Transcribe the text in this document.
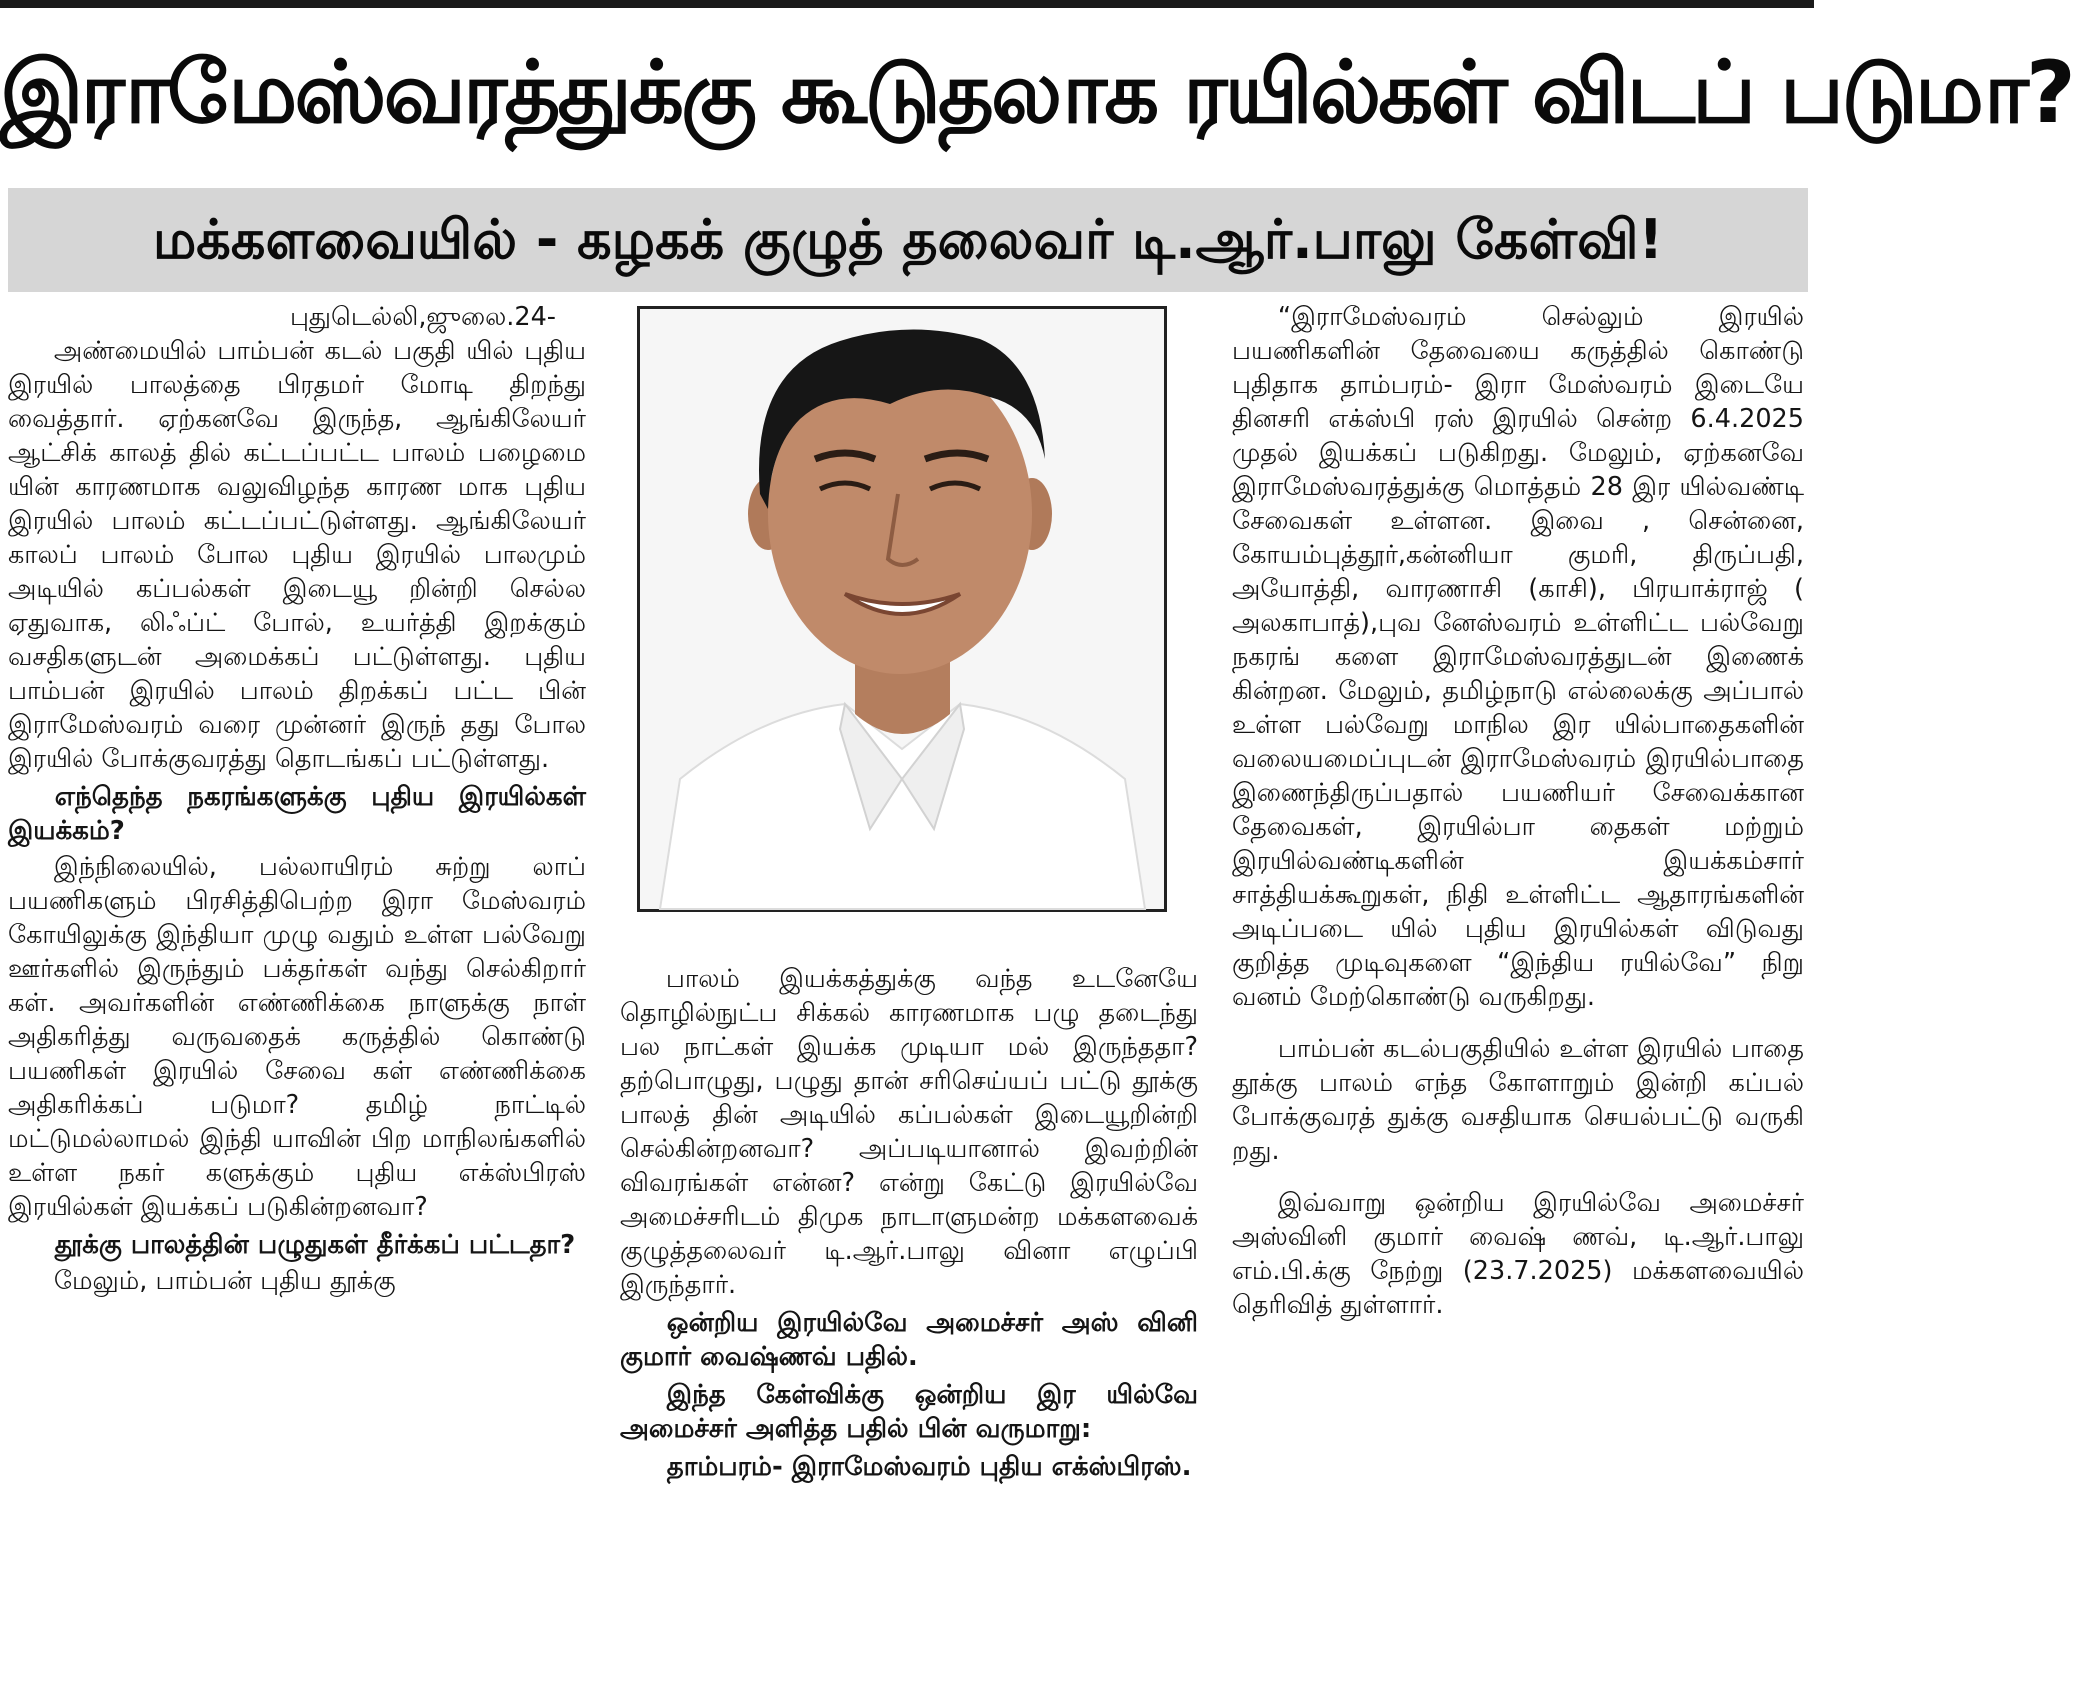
இராமேஸ்வரத்துக்கு கூடுதலாக ரயில்கள் விடப் படுமா?
மக்களவையில் - கழகக் குழுத் தலைவர் டி.ஆர்.பாலு கேள்வி!

புதுடெல்லி,ஜுலை.24-

அண்மையில் பாம்பன் கடல் பகுதி யில் புதிய இரயில் பாலத்தை பிரதமர் மோடி திறந்து வைத்தார். ஏற்கனவே இருந்த, ஆங்கிலேயர் ஆட்சிக் காலத் தில் கட்டப்பட்ட பாலம் பழைமை யின் காரணமாக வலுவிழந்த காரண மாக புதிய இரயில் பாலம் கட்டப்பட்டுள்ளது. ஆங்கிலேயர் காலப் பாலம் போல புதிய இரயில் பாலமும் அடியில் கப்பல்கள் இடையூ றின்றி செல்ல ஏதுவாக, லிஃப்ட் போல், உயர்த்தி இறக்கும் வசதிகளுடன் அமைக்கப் பட்டுள்ளது. புதிய பாம்பன் இரயில் பாலம் திறக்கப் பட்ட பின் இராமேஸ்வரம் வரை முன்னர் இருந் தது போல இரயில் போக்குவரத்து தொடங்கப் பட்டுள்ளது.

எந்தெந்த நகரங்களுக்கு புதிய இரயில்கள் இயக்கம்?

இந்நிலையில், பல்லாயிரம் சுற்று லாப் பயணிகளும் பிரசித்திபெற்ற இரா மேஸ்வரம் கோயிலுக்கு இந்தியா முழு வதும் உள்ள பல்வேறு ஊர்களில் இருந்தும் பக்தர்கள் வந்து செல்கிறார் கள். அவர்களின் எண்ணிக்கை நாளுக்கு நாள் அதிகரித்து வருவதைக் கருத்தில் கொண்டு பயணிகள் இரயில் சேவை கள் எண்ணிக்கை அதிகரிக்கப் படுமா? தமிழ் நாட்டில் மட்டுமல்லாமல் இந்தி யாவின் பிற மாநிலங்களில் உள்ள நகர் களுக்கும் புதிய எக்ஸ்பிரஸ் இரயில்கள் இயக்கப் படுகின்றனவா?

தூக்கு பாலத்தின் பழுதுகள் தீர்க்கப் பட்டதா?

மேலும், பாம்பன் புதிய தூக்கு

பாலம் இயக்கத்துக்கு வந்த உடனேயே தொழில்நுட்ப சிக்கல் காரணமாக பழு தடைந்து பல நாட்கள் இயக்க முடியா மல் இருந்ததா? தற்பொழுது, பழுது தான் சரிசெய்யப் பட்டு தூக்கு பாலத் தின் அடியில் கப்பல்கள் இடையூறின்றி செல்கின்றனவா? அப்படியானால் இவற்றின் விவரங்கள் என்ன? என்று கேட்டு இரயில்வே அமைச்சரிடம் திமுக நாடாளுமன்ற மக்களவைக் குழுத்தலைவர் டி.ஆர்.பாலு வினா எழுப்பி இருந்தார்.

ஒன்றிய இரயில்வே அமைச்சர் அஸ் வினி குமார் வைஷ்ணவ் பதில்.
இந்த கேள்விக்கு ஒன்றிய இர யில்வே அமைச்சர் அளித்த பதில் பின் வருமாறு:
தாம்பரம்- இராமேஸ்வரம் புதிய எக்ஸ்பிரஸ்.

“இராமேஸ்வரம் செல்லும் இரயில் பயணிகளின் தேவையை கருத்தில் கொண்டு புதிதாக தாம்பரம்- இரா மேஸ்வரம் இடையே தினசரி எக்ஸ்பி ரஸ் இரயில் சென்ற 6.4.2025 முதல் இயக்கப் படுகிறது. மேலும், ஏற்கனவே இராமேஸ்வரத்துக்கு மொத்தம் 28 இர யில்வண்டி சேவைகள் உள்ளன. இவை , சென்னை, கோயம்புத்தூர்,கன்னியா குமரி, திருப்பதி, அயோத்தி, வாரணாசி (காசி), பிரயாக்ராஜ் ( அலகாபாத்),புவ னேஸ்வரம் உள்ளிட்ட பல்வேறு நகரங் களை இராமேஸ்வரத்துடன் இணைக் கின்றன. மேலும், தமிழ்நாடு எல்லைக்கு அப்பால் உள்ள பல்வேறு மாநில இர யில்பாதைகளின் வலையமைப்புடன் இராமேஸ்வரம் இரயில்பாதை இணைந்திருப்பதால் பயணியர் சேவைக்கான தேவைகள், இரயில்பா தைகள் மற்றும் இரயில்வண்டிகளின் இயக்கம்சார் சாத்தியக்கூறுகள், நிதி உள்ளிட்ட ஆதாரங்களின் அடிப்படை யில் புதிய இரயில்கள் விடுவது குறித்த முடிவுகளை “இந்திய ரயில்வே” நிறு வனம் மேற்கொண்டு வருகிறது.

பாம்பன் கடல்பகுதியில் உள்ள இரயில் பாதை தூக்கு பாலம் எந்த கோளாறும் இன்றி கப்பல் போக்குவரத் துக்கு வசதியாக செயல்பட்டு வருகி றது.

இவ்வாறு ஒன்றிய இரயில்வே அமைச்சர் அஸ்வினி குமார் வைஷ் ணவ், டி.ஆர்.பாலு எம்.பி.க்கு நேற்று (23.7.2025) மக்களவையில் தெரிவித் துள்ளார்.
